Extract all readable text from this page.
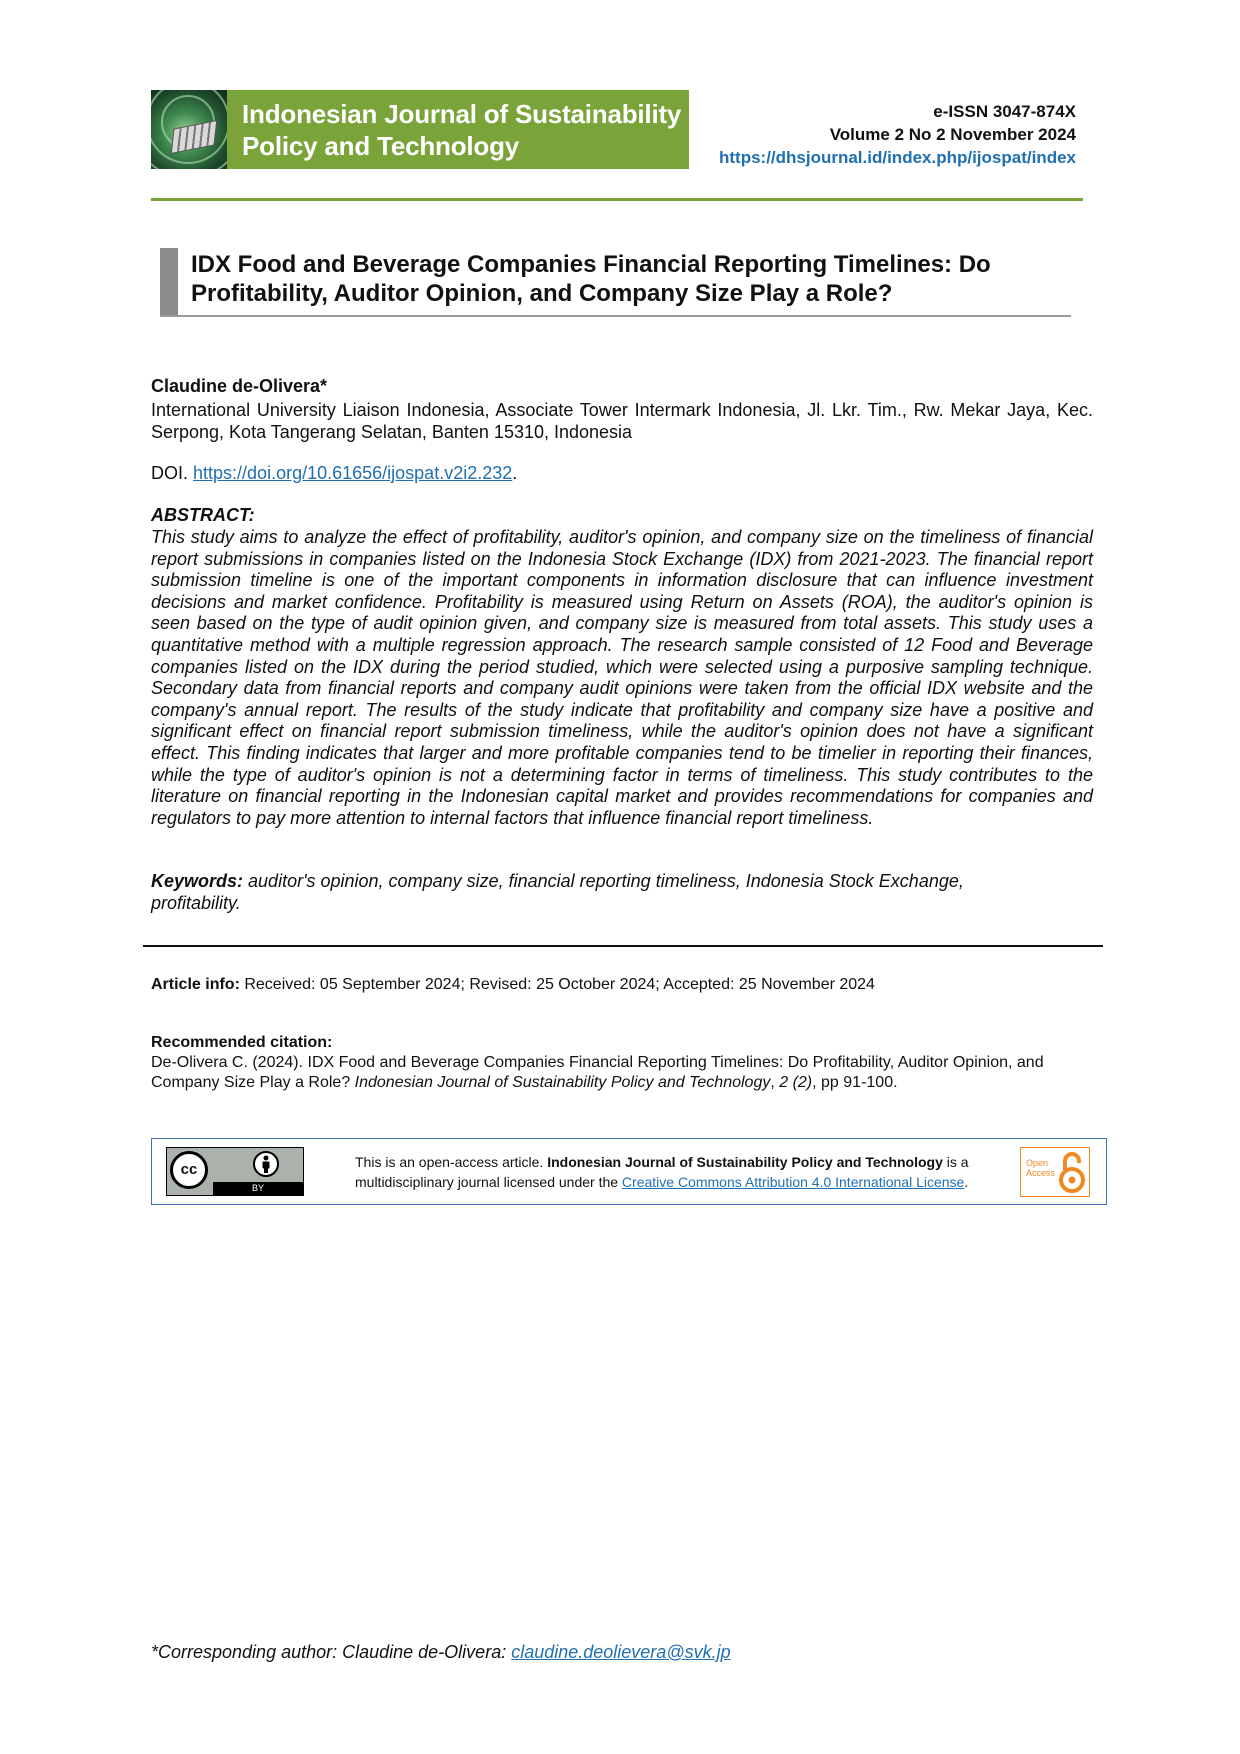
Indonesian Journal of Sustainability
Policy and Technology
e-ISSN 3047-874X
Volume 2 No 2 November 2024
https://dhsjournal.id/index.php/ijospat/index
IDX Food and Beverage Companies Financial Reporting Timelines: Do
Profitability, Auditor Opinion, and Company Size Play a Role?
Claudine de-Olivera*
International University Liaison Indonesia, Associate Tower Intermark Indonesia, Jl. Lkr. Tim., Rw. Mekar Jaya, Kec. Serpong, Kota Tangerang Selatan, Banten 15310, Indonesia
DOI. https://doi.org/10.61656/ijospat.v2i2.232.
ABSTRACT:
This study aims to analyze the effect of profitability, auditor's opinion, and company size on the timeliness of financial report submissions in companies listed on the Indonesia Stock Exchange (IDX) from 2021-2023. The financial report submission timeline is one of the important components in information disclosure that can influence investment decisions and market confidence. Profitability is measured using Return on Assets (ROA), the auditor's opinion is seen based on the type of audit opinion given, and company size is measured from total assets. This study uses a quantitative method with a multiple regression approach. The research sample consisted of 12 Food and Beverage companies listed on the IDX during the period studied, which were selected using a purposive sampling technique. Secondary data from financial reports and company audit opinions were taken from the official IDX website and the company's annual report. The results of the study indicate that profitability and company size have a positive and significant effect on financial report submission timeliness, while the auditor's opinion does not have a significant effect. This finding indicates that larger and more profitable companies tend to be timelier in reporting their finances, while the type of auditor's opinion is not a determining factor in terms of timeliness. This study contributes to the literature on financial reporting in the Indonesian capital market and provides recommendations for companies and regulators to pay more attention to internal factors that influence financial report timeliness.
Keywords: auditor's opinion, company size, financial reporting timeliness, Indonesia Stock Exchange, profitability.
Article info: Received: 05 September 2024; Revised: 25 October 2024; Accepted: 25 November 2024
Recommended citation:
De-Olivera C. (2024). IDX Food and Beverage Companies Financial Reporting Timelines: Do Profitability, Auditor Opinion, and Company Size Play a Role? Indonesian Journal of Sustainability Policy and Technology, 2 (2), pp 91-100.
cc
BY
This is an open-access article. Indonesian Journal of Sustainability Policy and Technology is a multidisciplinary journal licensed under the Creative Commons Attribution 4.0 International License.
Open
Access
*Corresponding author: Claudine de-Olivera: claudine.deolievera@svk.jp
